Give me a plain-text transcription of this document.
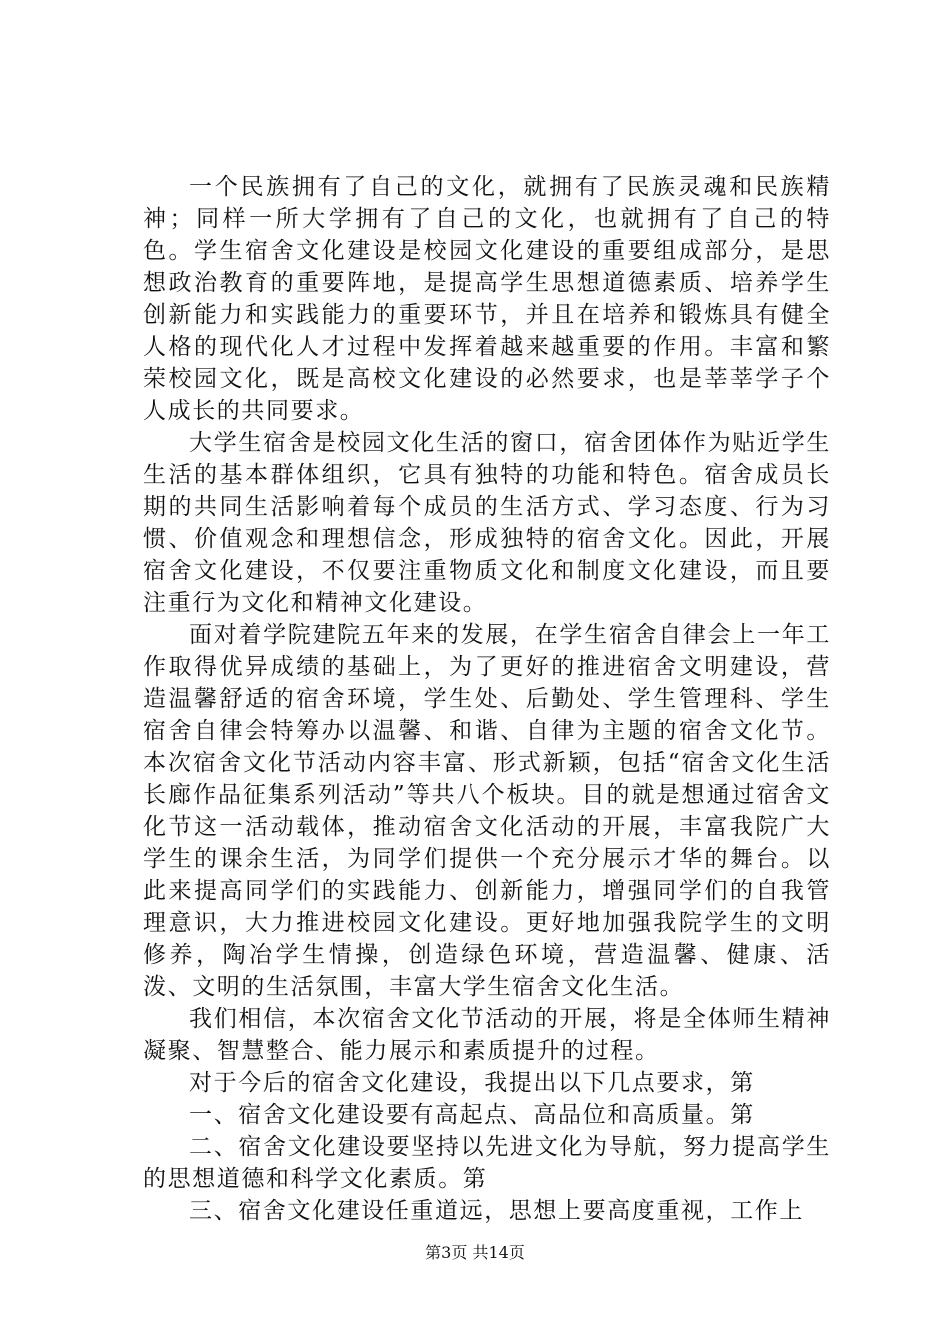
一个民族拥有了自己的文化，就拥有了民族灵魂和民族精神；同样一所大学拥有了自己的文化，也就拥有了自己的特色。学生宿舍文化建设是校园文化建设的重要组成部分，是思想政治教育的重要阵地，是提高学生思想道德素质、培养学生创新能力和实践能力的重要环节，并且在培养和锻炼具有健全人格的现代化人才过程中发挥着越来越重要的作用。丰富和繁荣校园文化，既是高校文化建设的必然要求，也是莘莘学子个人成长的共同要求。

大学生宿舍是校园文化生活的窗口，宿舍团体作为贴近学生生活的基本群体组织，它具有独特的功能和特色。宿舍成员长期的共同生活影响着每个成员的生活方式、学习态度、行为习惯、价值观念和理想信念，形成独特的宿舍文化。因此，开展宿舍文化建设，不仅要注重物质文化和制度文化建设，而且要注重行为文化和精神文化建设。

面对着学院建院五年来的发展，在学生宿舍自律会上一年工作取得优异成绩的基础上，为了更好的推进宿舍文明建设，营造温馨舒适的宿舍环境，学生处、后勤处、学生管理科、学生宿舍自律会特筹办以温馨、和谐、自律为主题的宿舍文化节。本次宿舍文化节活动内容丰富、形式新颖，包括“宿舍文化生活长廊作品征集系列活动”等共八个板块。目的就是想通过宿舍文化节这一活动载体，推动宿舍文化活动的开展，丰富我院广大学生的课余生活，为同学们提供一个充分展示才华的舞台。以此来提高同学们的实践能力、创新能力，增强同学们的自我管理意识，大力推进校园文化建设。更好地加强我院学生的文明修养，陶冶学生情操，创造绿色环境，营造温馨、健康、活泼、文明的生活氛围，丰富大学生宿舍文化生活。

我们相信，本次宿舍文化节活动的开展，将是全体师生精神凝聚、智慧整合、能力展示和素质提升的过程。

对于今后的宿舍文化建设，我提出以下几点要求，第

一、宿舍文化建设要有高起点、高品位和高质量。第

二、宿舍文化建设要坚持以先进文化为导航，努力提高学生的思想道德和科学文化素质。第

三、宿舍文化建设任重道远，思想上要高度重视，工作上

第3页 共14页
